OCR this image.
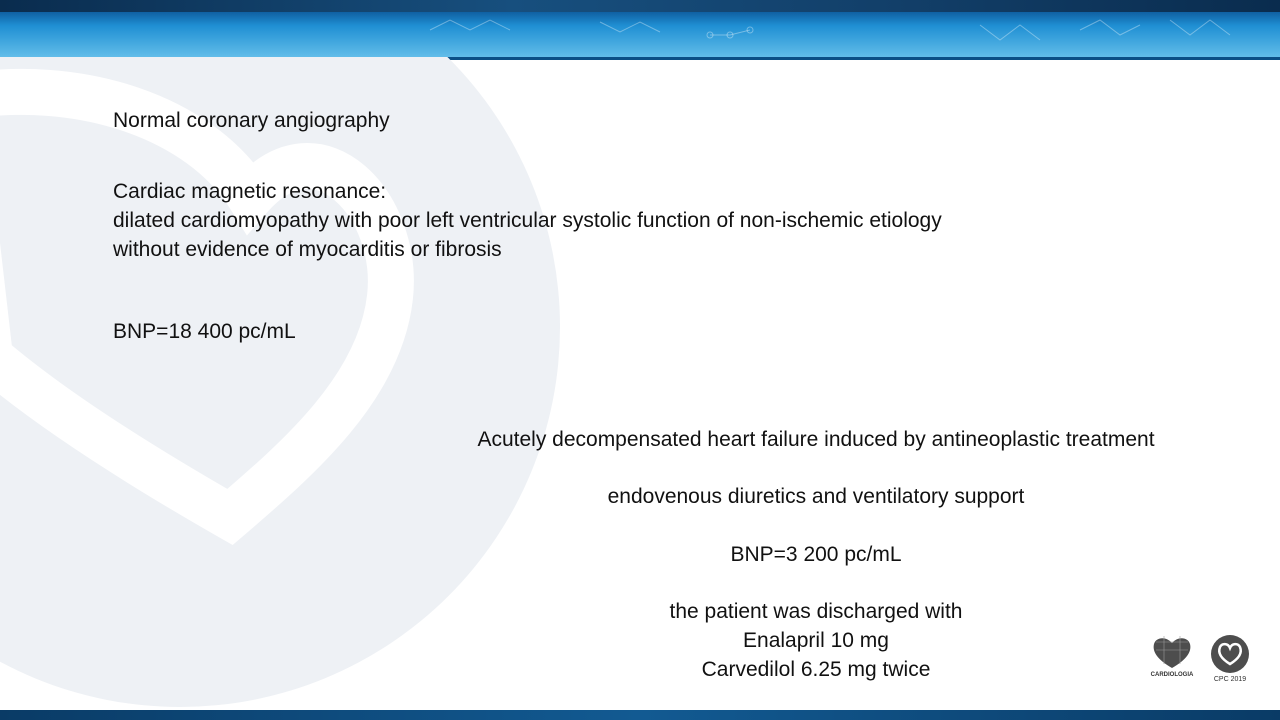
Normal coronary angiography
Cardiac magnetic resonance:
dilated cardiomyopathy with poor left ventricular systolic function of non-ischemic etiology
without evidence of myocarditis or fibrosis
BNP=18 400 pc/mL
Acutely decompensated heart failure induced by antineoplastic treatment
endovenous diuretics and ventilatory support
BNP=3 200 pc/mL
the patient was discharged with
Enalapril 10 mg
Carvedilol 6.25 mg twice	CARDIOLOGIA
CPC 2019
